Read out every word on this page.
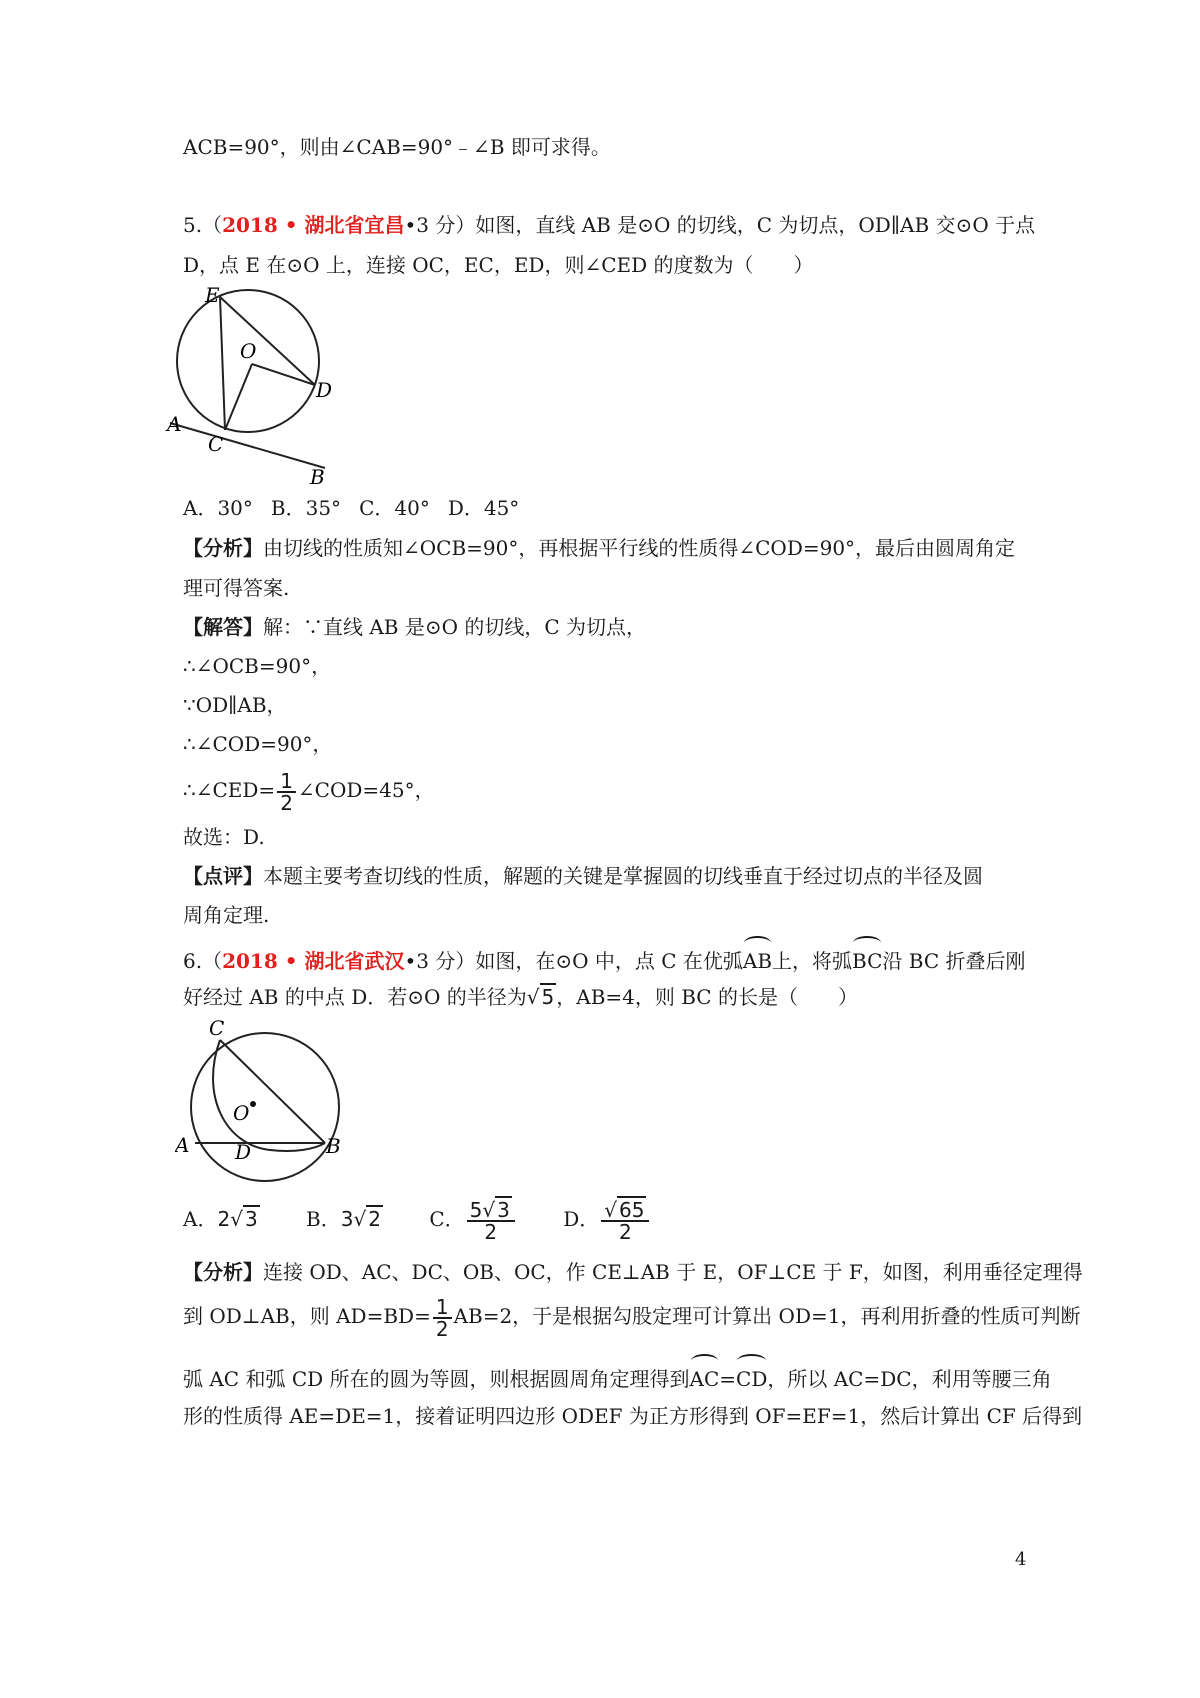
ACB=90°，则由∠CAB=90°﹣∠B 即可求得。
5.（2018 • 湖北省宜昌•3 分）如图，直线 AB 是⊙O 的切线，C 为切点，OD∥AB 交⊙O 于点
D，点 E 在⊙O 上，连接 OC，EC，ED，则∠CED 的度数为（　　）
E
O
D
A
C
B
A．30° B．35° C．40° D．45°
【分析】由切线的性质知∠OCB=90°，再根据平行线的性质得∠COD=90°，最后由圆周角定
理可得答案.
【解答】解：∵直线 AB 是⊙O 的切线，C 为切点，
∴∠OCB=90°，
∵OD∥AB，
∴∠COD=90°，
∴∠CED= $\frac{1}{2}$ ∠COD=45°，
故选：D.
【点评】本题主要考查切线的性质，解题的关键是掌握圆的切线垂直于经过切点的半径及圆
周角定理.
6.（2018 • 湖北省武汉•3 分）如图，在⊙O 中，点 C 在优弧AB上，将弧BC沿 BC 折叠后刚
好经过 AB 的中点 D．若⊙O 的半径为√ 5 ，AB=4，则 BC 的长是（　　）
C
O
A D	B
A．2√ 3 B．3√ 2 C． $\frac{5√ 3}{2}$ D． $\frac{√ 65}{2}$
【分析】连接 OD、AC、DC、OB、OC，作 CE⊥AB 于 E，OF⊥CE 于 F，如图，利用垂径定理得
到 OD⊥AB，则 $AD=BD= \frac{1}{2} AB=2$，于是根据勾股定理可计算出 OD=1，再利用折叠的性质可判断
弧 AC 和弧 CD 所在的圆为等圆，则根据圆周角定理得到AC=CD，所以 AC=DC，利用等腰三角
形的性质得 AE=DE=1，接着证明四边形 ODEF 为正方形得到 OF=EF=1，然后计算出 CF 后得到
4
